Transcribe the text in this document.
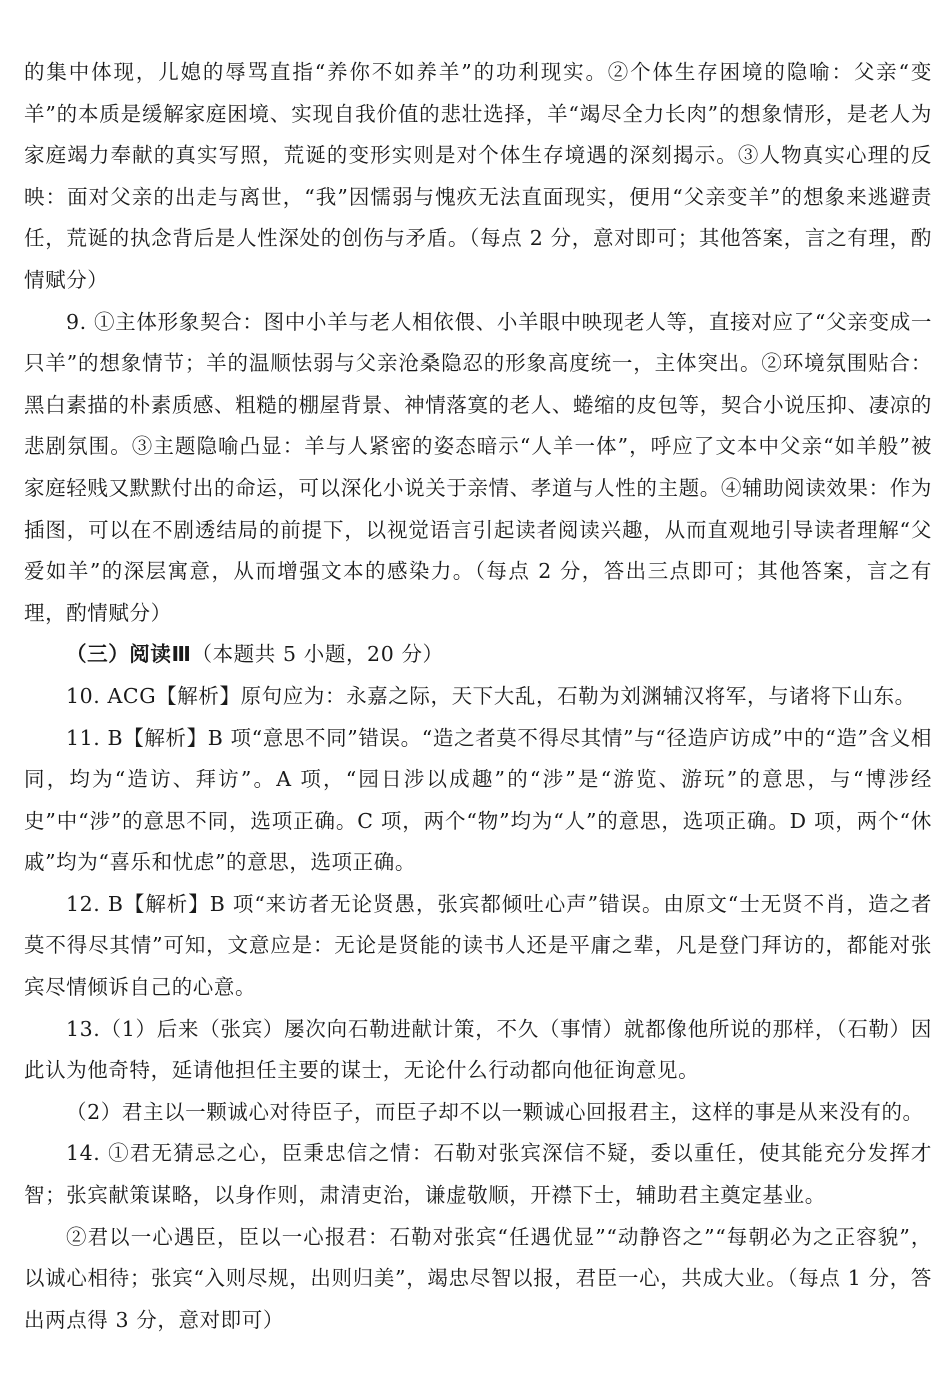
的集中体现，儿媳的辱骂直指“养你不如养羊”的功利现实。②个体生存困境的隐喻：父亲“变羊”的本质是缓解家庭困境、实现自我价值的悲壮选择，羊“竭尽全力长肉”的想象情形，是老人为家庭竭力奉献的真实写照，荒诞的变形实则是对个体生存境遇的深刻揭示。③人物真实心理的反映：面对父亲的出走与离世，“我”因懦弱与愧疚无法直面现实，便用“父亲变羊”的想象来逃避责任，荒诞的执念背后是人性深处的创伤与矛盾。（每点 2 分，意对即可；其他答案，言之有理，酌情赋分）

9. ①主体形象契合：图中小羊与老人相依偎、小羊眼中映现老人等，直接对应了“父亲变成一只羊”的想象情节；羊的温顺怯弱与父亲沧桑隐忍的形象高度统一，主体突出。②环境氛围贴合：黑白素描的朴素质感、粗糙的棚屋背景、神情落寞的老人、蜷缩的皮包等，契合小说压抑、凄凉的悲剧氛围。③主题隐喻凸显：羊与人紧密的姿态暗示“人羊一体”，呼应了文本中父亲“如羊般”被家庭轻贱又默默付出的命运，可以深化小说关于亲情、孝道与人性的主题。④辅助阅读效果：作为插图，可以在不剧透结局的前提下，以视觉语言引起读者阅读兴趣，从而直观地引导读者理解“父爱如羊”的深层寓意，从而增强文本的感染力。（每点 2 分，答出三点即可；其他答案，言之有理，酌情赋分）

（三）阅读Ⅲ（本题共 5 小题，20 分）

10. ACG【解析】原句应为：永嘉之际，天下大乱，石勒为刘渊辅汉将军，与诸将下山东。

11. B【解析】B 项“意思不同”错误。“造之者莫不得尽其情”与“径造庐访成”中的“造”含义相同，均为“造访、拜访”。A 项，“园日涉以成趣”的“涉”是“游览、游玩”的意思，与“博涉经史”中“涉”的意思不同，选项正确。C 项，两个“物”均为“人”的意思，选项正确。D 项，两个“休戚”均为“喜乐和忧虑”的意思，选项正确。

12. B【解析】B 项“来访者无论贤愚，张宾都倾吐心声”错误。由原文“士无贤不肖，造之者莫不得尽其情”可知，文意应是：无论是贤能的读书人还是平庸之辈，凡是登门拜访的，都能对张宾尽情倾诉自己的心意。

13.（1）后来（张宾）屡次向石勒进献计策，不久（事情）就都像他所说的那样，（石勒）因此认为他奇特，延请他担任主要的谋士，无论什么行动都向他征询意见。

（2）君主以一颗诚心对待臣子，而臣子却不以一颗诚心回报君主，这样的事是从来没有的。

14. ①君无猜忌之心，臣秉忠信之情：石勒对张宾深信不疑，委以重任，使其能充分发挥才智；张宾献策谋略，以身作则，肃清吏治，谦虚敬顺，开襟下士，辅助君主奠定基业。

②君以一心遇臣，臣以一心报君：石勒对张宾“任遇优显”“动静咨之”“每朝必为之正容貌”，以诚心相待；张宾“入则尽规，出则归美”，竭忠尽智以报，君臣一心，共成大业。（每点 1 分，答出两点得 3 分，意对即可）
